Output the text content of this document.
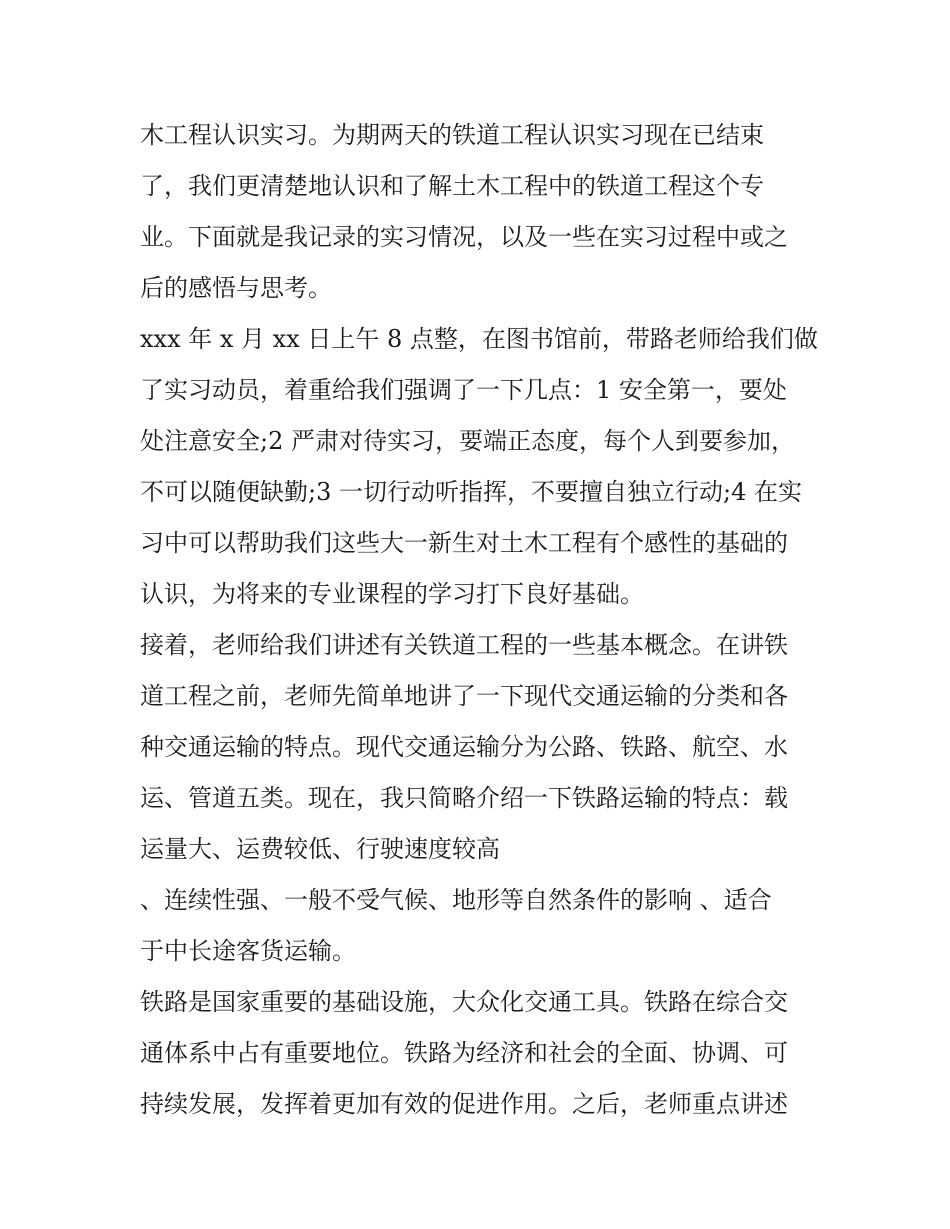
木工程认识实习。为期两天的铁道工程认识实习现在已结束
了，我们更清楚地认识和了解土木工程中的铁道工程这个专
业。下面就是我记录的实习情况，以及一些在实习过程中或之
后的感悟与思考。
xxx 年 x 月 xx 日上午 8 点整，在图书馆前，带路老师给我们做
了实习动员，着重给我们强调了一下几点：1 安全第一，要处
处注意安全;2 严肃对待实习，要端正态度，每个人到要参加，
不可以随便缺勤;3 一切行动听指挥，不要擅自独立行动;4 在实
习中可以帮助我们这些大一新生对土木工程有个感性的基础的
认识，为将来的专业课程的学习打下良好基础。
接着，老师给我们讲述有关铁道工程的一些基本概念。在讲铁
道工程之前，老师先简单地讲了一下现代交通运输的分类和各
种交通运输的特点。现代交通运输分为公路、铁路、航空、水
运、管道五类。现在，我只简略介绍一下铁路运输的特点：载
运量大、运费较低、行驶速度较高
、连续性强、一般不受气候、地形等自然条件的影响 、适合
于中长途客货运输。
铁路是国家重要的基础设施，大众化交通工具。铁路在综合交
通体系中占有重要地位。铁路为经济和社会的全面、协调、可
持续发展，发挥着更加有效的促进作用。之后，老师重点讲述
